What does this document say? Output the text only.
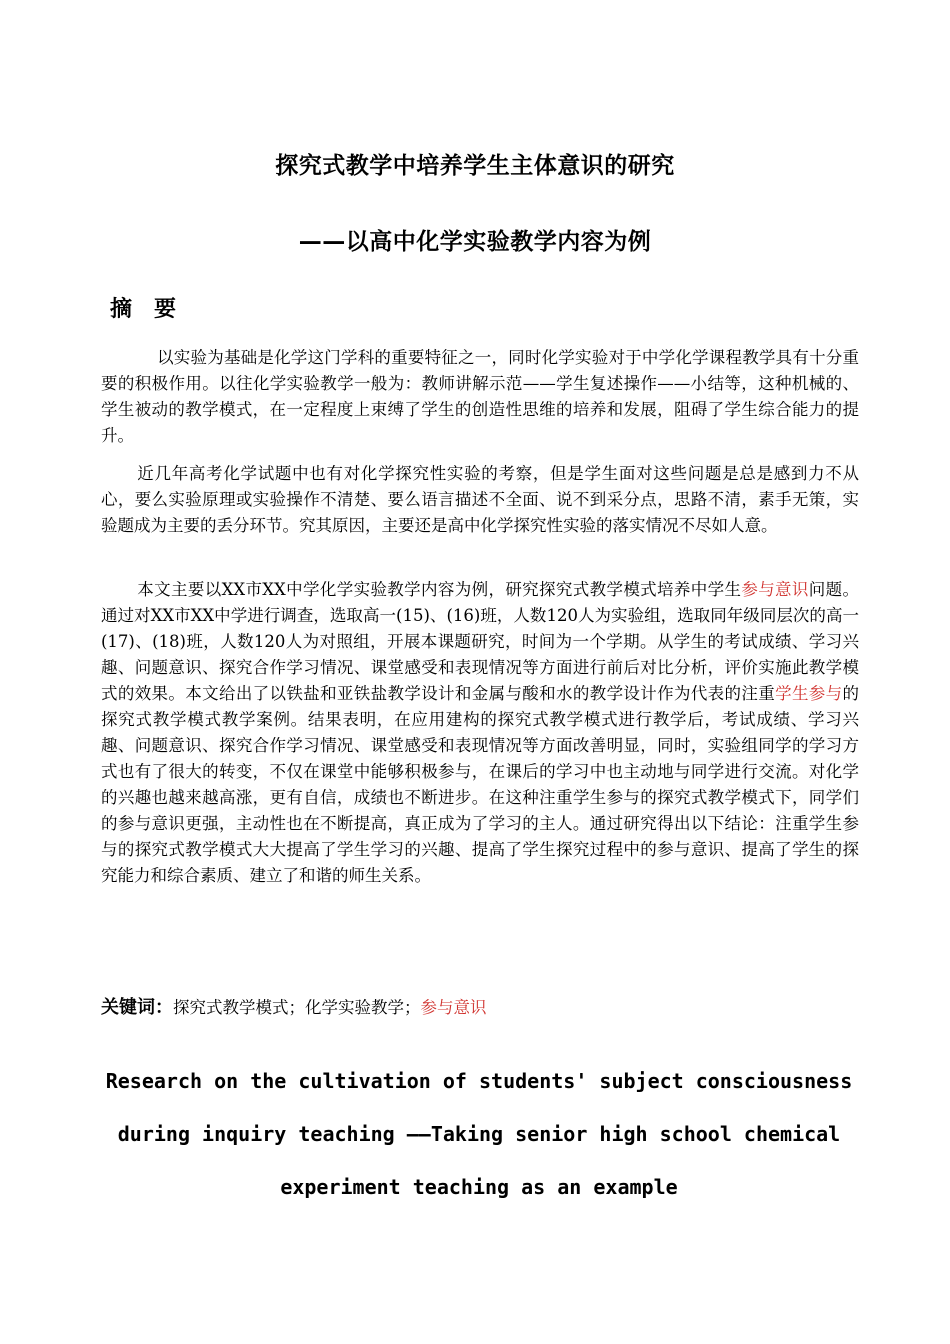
探究式教学中培养学生主体意识的研究
——以高中化学实验教学内容为例
摘要

以实验为基础是化学这门学科的重要特征之一，同时化学实验对于中学化学课程教学具有十分重要的积极作用。以往化学实验教学一般为：教师讲解示范——学生复述操作——小结等，这种机械的、学生被动的教学模式，在一定程度上束缚了学生的创造性思维的培养和发展，阻碍了学生综合能力的提升。

近几年高考化学试题中也有对化学探究性实验的考察，但是学生面对这些问题是总是感到力不从心，要么实验原理或实验操作不清楚、要么语言描述不全面、说不到采分点，思路不清，素手无策，实验题成为主要的丢分环节。究其原因，主要还是高中化学探究性实验的落实情况不尽如人意。

本文主要以XX市XX中学化学实验教学内容为例，研究探究式教学模式培养中学生参与意识问题。通过对XX市XX中学进行调查，选取高一(15)、(16)班，人数120人为实验组，选取同年级同层次的高一(17)、(18)班，人数120人为对照组，开展本课题研究，时间为一个学期。从学生的考试成绩、学习兴趣、问题意识、探究合作学习情况、课堂感受和表现情况等方面进行前后对比分析，评价实施此教学模式的效果。本文给出了以铁盐和亚铁盐教学设计和金属与酸和水的教学设计作为代表的注重学生参与的探究式教学模式教学案例。结果表明，在应用建构的探究式教学模式进行教学后，考试成绩、学习兴趣、问题意识、探究合作学习情况、课堂感受和表现情况等方面改善明显，同时，实验组同学的学习方式也有了很大的转变，不仅在课堂中能够积极参与，在课后的学习中也主动地与同学进行交流。对化学的兴趣也越来越高涨，更有自信，成绩也不断进步。在这种注重学生参与的探究式教学模式下，同学们的参与意识更强，主动性也在不断提高，真正成为了学习的主人。通过研究得出以下结论：注重学生参与的探究式教学模式大大提高了学生学习的兴趣、提高了学生探究过程中的参与意识、提高了学生的探究能力和综合素质、建立了和谐的师生关系。

关键词：探究式教学模式；化学实验教学；参与意识
Research on the cultivation of students' subject consciousness during inquiry teaching ——Taking senior high school chemical experiment teaching as an example
